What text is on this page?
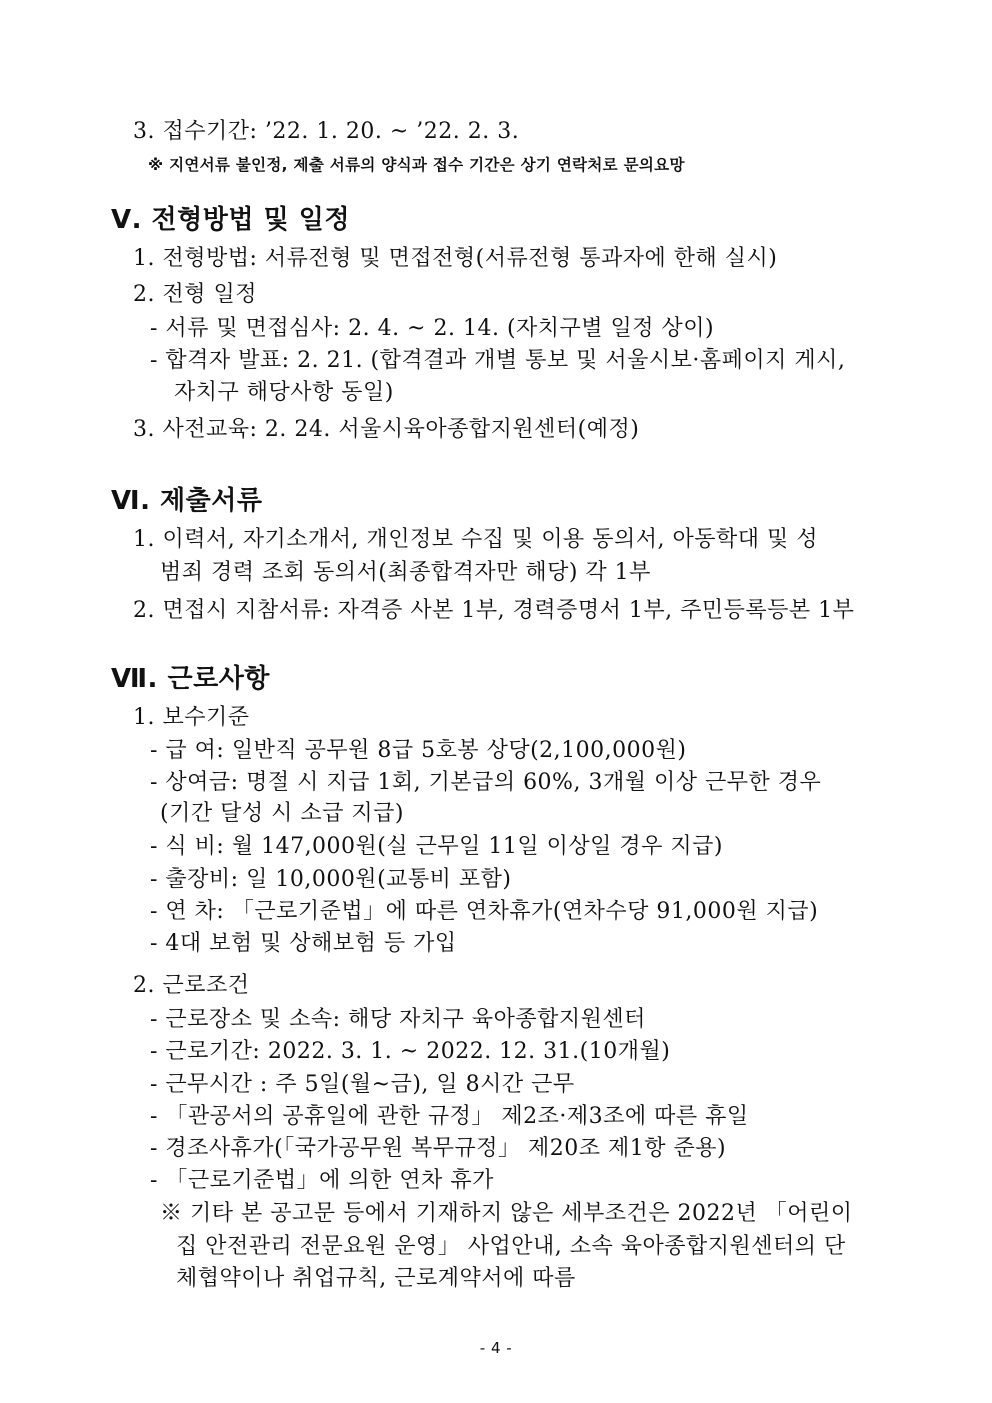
3. 접수기간: ’22. 1. 20. ~ ’22. 2. 3.
※ 지연서류 불인정, 제출 서류의 양식과 접수 기간은 상기 연락처로 문의요망
Ⅴ. 전형방법 및 일정
1. 전형방법: 서류전형 및 면접전형(서류전형 통과자에 한해 실시)
2. 전형 일정
- 서류 및 면접심사: 2. 4. ~ 2. 14. (자치구별 일정 상이)
- 합격자 발표: 2. 21. (합격결과 개별 통보 및 서울시보·홈페이지 게시,
자치구 해당사항 동일)
3. 사전교육: 2. 24. 서울시육아종합지원센터(예정)
Ⅵ. 제출서류
1. 이력서, 자기소개서, 개인정보 수집 및 이용 동의서, 아동학대 및 성
범죄 경력 조회 동의서(최종합격자만 해당) 각 1부
2. 면접시 지참서류: 자격증 사본 1부, 경력증명서 1부, 주민등록등본 1부
Ⅶ. 근로사항
1. 보수기준
- 급 여: 일반직 공무원 8급 5호봉 상당(2,100,000원)
- 상여금: 명절 시 지급 1회, 기본급의 60%, 3개월 이상 근무한 경우
(기간 달성 시 소급 지급)
- 식 비: 월 147,000원(실 근무일 11일 이상일 경우 지급)
- 출장비: 일 10,000원(교통비 포함)
- 연 차: 「근로기준법」에 따른 연차휴가(연차수당 91,000원 지급)
- 4대 보험 및 상해보험 등 가입
2. 근로조건
- 근로장소 및 소속: 해당 자치구 육아종합지원센터
- 근로기간: 2022. 3. 1. ~ 2022. 12. 31.(10개월)
- 근무시간 : 주 5일(월~금), 일 8시간 근무
- 「관공서의 공휴일에 관한 규정」 제2조·제3조에 따른 휴일
- 경조사휴가(「국가공무원 복무규정」 제20조 제1항 준용)
- 「근로기준법」에 의한 연차 휴가
※ 기타 본 공고문 등에서 기재하지 않은 세부조건은 2022년 「어린이
집 안전관리 전문요원 운영」 사업안내, 소속 육아종합지원센터의 단
체협약이나 취업규칙, 근로계약서에 따름
- 4 -
